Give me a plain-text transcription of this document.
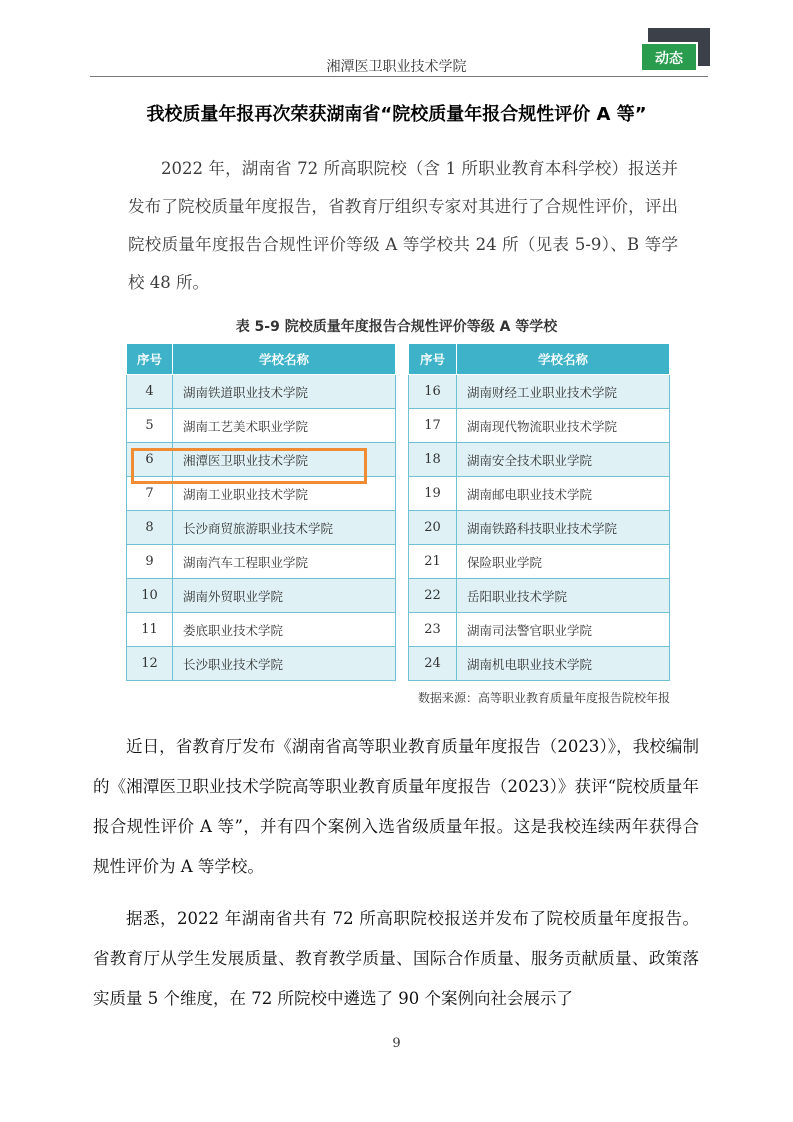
湘潭医卫职业技术学院	动态
我校质量年报再次荣获湖南省“院校质量年报合规性评价 A 等”

2022 年，湖南省 72 所高职院校（含 1 所职业教育本科学校）报送并发布了院校质量年度报告，省教育厅组织专家对其进行了合规性评价，评出院校质量年度报告合规性评价等级 A 等学校共 24 所（见表 5-9）、B 等学校 48 所。

表 5-9 院校质量年度报告合规性评价等级 A 等学校
序号	学校名称
4	湖南铁道职业技术学院
5	湖南工艺美术职业学院
6	湘潭医卫职业技术学院
7	湖南工业职业技术学院
8	长沙商贸旅游职业技术学院
9	湖南汽车工程职业学院
10	湖南外贸职业学院
11	娄底职业技术学院
12	长沙职业技术学院
序号	学校名称
16	湖南财经工业职业技术学院
17	湖南现代物流职业技术学院
18	湖南安全技术职业学院
19	湖南邮电职业技术学院
20	湖南铁路科技职业技术学院
21	保险职业学院
22	岳阳职业技术学院
23	湖南司法警官职业学院
24	湖南机电职业技术学院
数据来源：高等职业教育质量年度报告院校年报

近日，省教育厅发布《湖南省高等职业教育质量年度报告（2023）》，我校编制的《湘潭医卫职业技术学院高等职业教育质量年度报告（2023）》获评“院校质量年报合规性评价 A 等”，并有四个案例入选省级质量年报。这是我校连续两年获得合规性评价为 A 等学校。

据悉，2022 年湖南省共有 72 所高职院校报送并发布了院校质量年度报告。省教育厅从学生发展质量、教育教学质量、国际合作质量、服务贡献质量、政策落实质量 5 个维度，在 72 所院校中遴选了 90 个案例向社会展示了

9
